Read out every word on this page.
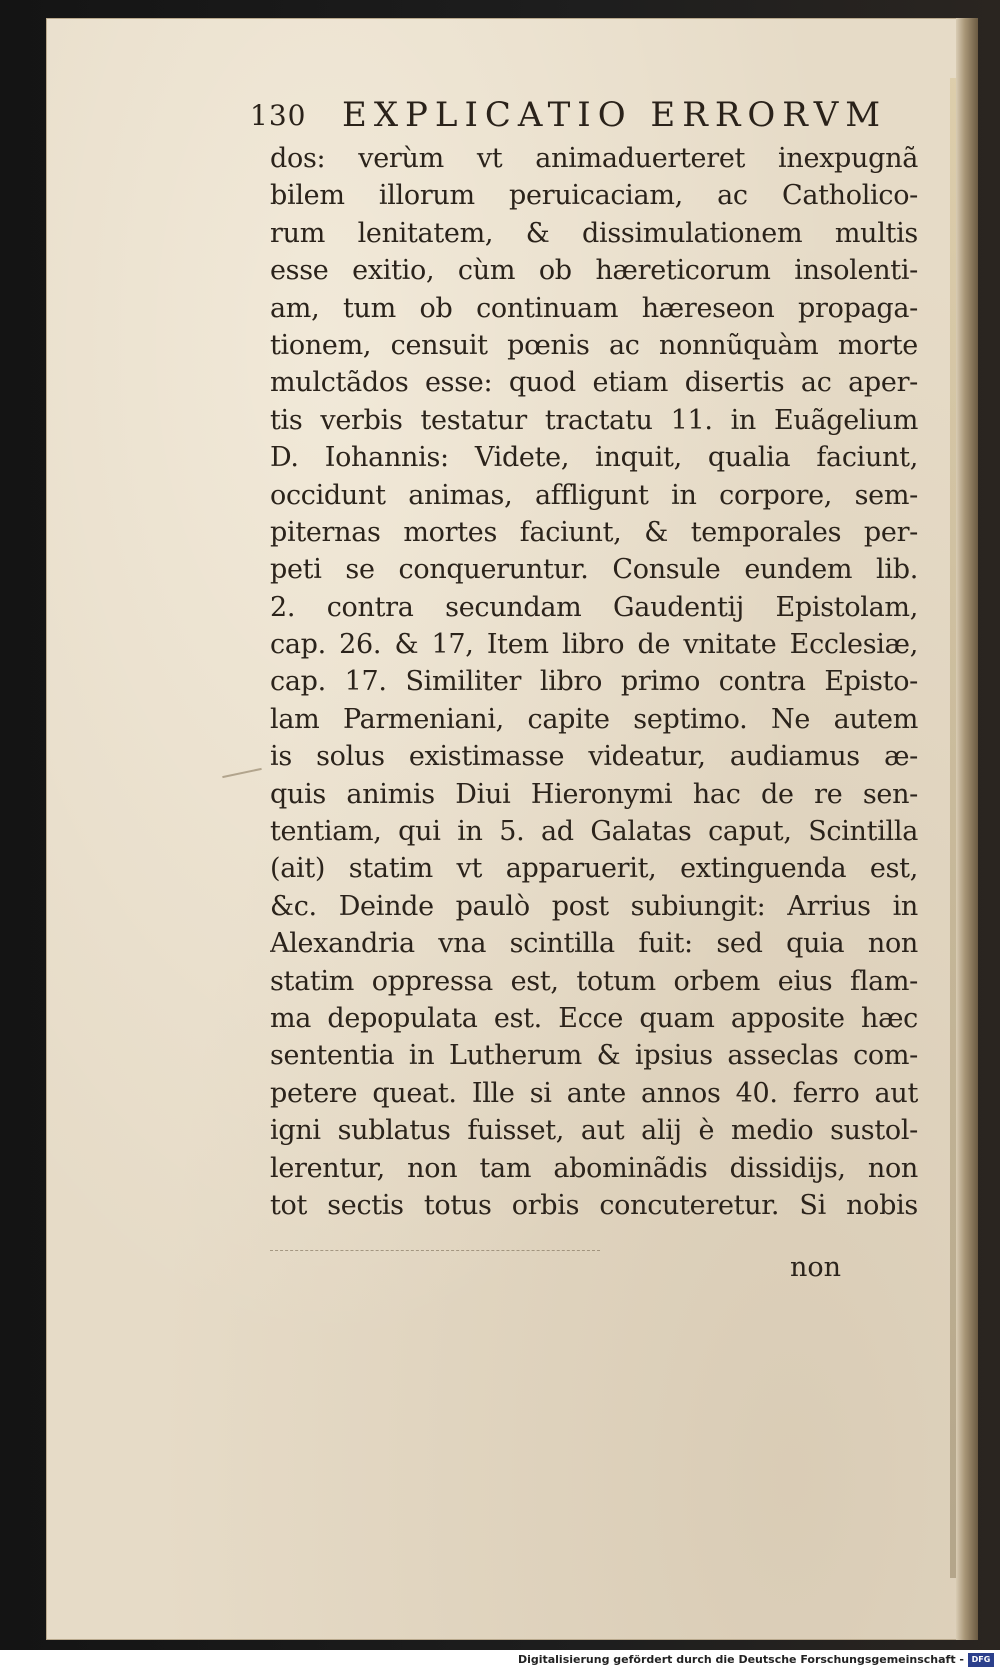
130 EXPLICATIO ERRORVM
dos: verùm vt animaduerteret inexpugnã
bilem illorum peruicaciam, ac Catholico-
rum lenitatem, & dissimulationem multis
esse exitio, cùm ob hæreticorum insolenti-
am, tum ob continuam hæreseon propaga-
tionem, censuit pœnis ac nonnũquàm morte
mulctãdos esse: quod etiam disertis ac aper-
tis verbis testatur tractatu 11. in Euãgelium
D. Iohannis: Videte, inquit, qualia faciunt,
occidunt animas, affligunt in corpore, sem-
piternas mortes faciunt, & temporales per-
peti se conqueruntur. Consule eundem lib.
2. contra secundam Gaudentij Epistolam,
cap. 26. & 17, Item libro de vnitate Ecclesiæ,
cap. 17. Similiter libro primo contra Episto-
lam Parmeniani, capite septimo. Ne autem
is solus existimasse videatur, audiamus æ-
quis animis Diui Hieronymi hac de re sen-
tentiam, qui in 5. ad Galatas caput, Scintilla
(ait) statim vt apparuerit, extinguenda est,
&c. Deinde paulò post subiungit: Arrius in
Alexandria vna scintilla fuit: sed quia non
statim oppressa est, totum orbem eius flam-
ma depopulata est. Ecce quam apposite hæc
sententia in Lutherum & ipsius asseclas com-
petere queat. Ille si ante annos 40. ferro aut
igni sublatus fuisset, aut alij è medio sustol-
lerentur, non tam abominãdis dissidijs, non
tot sectis totus orbis concuteretur. Si nobis
non
Digitalisierung gefördert durch die Deutsche Forschungsgemeinschaft - DFG
